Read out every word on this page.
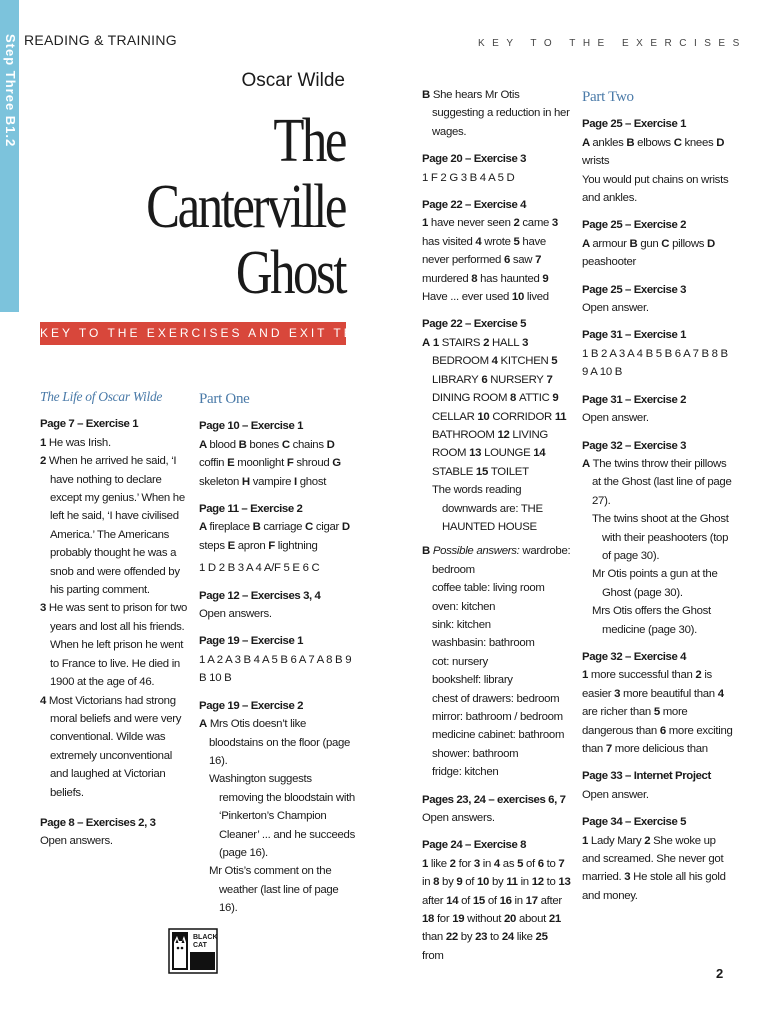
Step Three B1.2 READING & TRAINING	KEY TO THE EXERCISES
Oscar Wilde
The Canterville
Ghost
KEY TO THE EXERCISES AND EXIT TEST
The Life of Oscar Wilde
Page 7 – Exercise 1
1 He was Irish.
2 When he arrived he said, ‘I have nothing to declare except my genius.’ When he left he said, ‘I have civilised America.’ The Americans probably thought he was a snob and were offended by his parting comment.
3 He was sent to prison for two years and lost all his friends. When he left prison he went to France to live. He died in 1900 at the age of 46.
4 Most Victorians had strong moral beliefs and were very conventional. Wilde was extremely unconventional and laughed at Victorian beliefs.
Page 8 – Exercises 2, 3
Open answers.
Part One
Page 10 – Exercise 1
A blood B bones C chains D coffin E moonlight F shroud G skeleton H vampire I ghost
Page 11 – Exercise 2
A fireplace B carriage C cigar D steps E apron F lightning
1 D 2 B 3 A 4 A/F 5 E 6 C
Page 12 – Exercises 3, 4
Open answers.
Page 19 – Exercise 1
1 A 2 A 3 B 4 A 5 B 6 A 7 A 8 B 9 B 10 B
Page 19 – Exercise 2
A Mrs Otis doesn’t like bloodstains on the floor (page 16).
Washington suggests removing the bloodstain with ‘Pinkerton’s Champion Cleaner’ ... and he succeeds (page 16).
Mr Otis’s comment on the weather (last line of page 16).
B She hears Mr Otis suggesting a reduction in her wages.
Page 20 – Exercise 3
1 F 2 G 3 B 4 A 5 D
Page 22 – Exercise 4
1 have never seen 2 came 3 has visited 4 wrote 5 have never performed 6 saw 7 murdered 8 has haunted 9 Have ... ever used 10 lived
Page 22 – Exercise 5
A 1 STAIRS 2 HALL 3 BEDROOM 4 KITCHEN 5 LIBRARY 6 NURSERY 7 DINING ROOM 8 ATTIC 9 CELLAR 10 CORRIDOR 11 BATHROOM 12 LIVING ROOM 13 LOUNGE 14 STABLE 15 TOILET
The words reading downwards are: THE HAUNTED HOUSE
B Possible answers: wardrobe: bedroom
coffee table: living room
oven: kitchen
sink: kitchen
washbasin: bathroom
cot: nursery
bookshelf: library
chest of drawers: bedroom
mirror: bathroom / bedroom
medicine cabinet: bathroom
shower: bathroom
fridge: kitchen
Pages 23, 24 – exercises 6, 7
Open answers.
Page 24 – Exercise 8
1 like 2 for 3 in 4 as 5 of 6 to 7 in 8 by 9 of 10 by 11 in 12 to 13 after 14 of 15 of 16 in 17 after 18 for 19 without 20 about 21 than 22 by 23 to 24 like 25 from
Part Two
Page 25 – Exercise 1
A ankles B elbows C knees D wrists
You would put chains on wrists and ankles.
Page 25 – Exercise 2
A armour B gun C pillows D peashooter
Page 25 – Exercise 3
Open answer.
Page 31 – Exercise 1
1 B 2 A 3 A 4 B 5 B 6 A 7 B 8 B 9 A 10 B
Page 31 – Exercise 2
Open answer.
Page 32 – Exercise 3
A The twins throw their pillows at the Ghost (last line of page 27).
The twins shoot at the Ghost with their peashooters (top of page 30).
Mr Otis points a gun at the Ghost (page 30).
Mrs Otis offers the Ghost medicine (page 30).
Page 32 – Exercise 4
1 more successful than 2 is easier 3 more beautiful than 4 are richer than 5 more dangerous than 6 more exciting than 7 more delicious than
Page 33 – Internet Project
Open answer.
Page 34 – Exercise 5
1 Lady Mary 2 She woke up and screamed. She never got married. 3 He stole all his gold and money.
BLACK CAT
2
